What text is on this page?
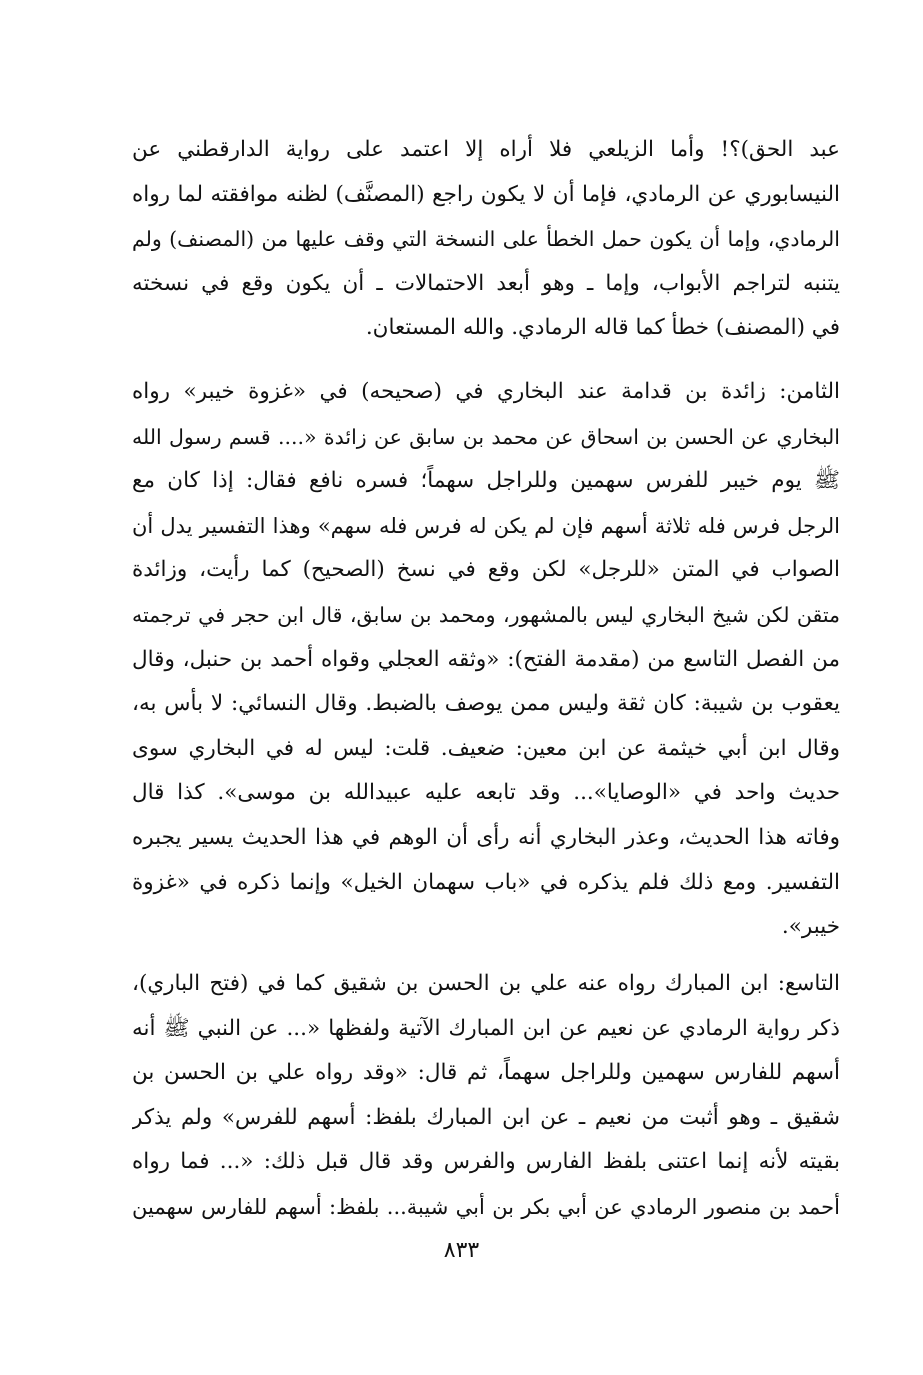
عبد الحق)؟! وأما الزيلعي فلا أراه إلا اعتمد على رواية الدارقطني عن
النيسابوري عن الرمادي، فإما أن لا يكون راجع (المصنَّف) لظنه موافقته لما رواه
الرمادي، وإما أن يكون حمل الخطأ على النسخة التي وقف عليها من (المصنف) ولم
يتنبه لتراجم الأبواب، وإما ـ وهو أبعد الاحتمالات ـ أن يكون وقع في نسخته
في (المصنف) خطأ كما قاله الرمادي. والله المستعان.
الثامن: زائدة بن قدامة عند البخاري في (صحيحه) في «غزوة خيبر» رواه
البخاري عن الحسن بن اسحاق عن محمد بن سابق عن زائدة «.... قسم رسول الله
ﷺ يوم خيبر للفرس سهمين وللراجل سهماً؛ فسره نافع فقال: إذا كان مع
الرجل فرس فله ثلاثة أسهم فإن لم يكن له فرس فله سهم» وهذا التفسير يدل أن
الصواب في المتن «للرجل» لكن وقع في نسخ (الصحيح) كما رأيت، وزائدة
متقن لكن شيخ البخاري ليس بالمشهور، ومحمد بن سابق، قال ابن حجر في ترجمته
من الفصل التاسع من (مقدمة الفتح): «وثقه العجلي وقواه أحمد بن حنبل، وقال
يعقوب بن شيبة: كان ثقة وليس ممن يوصف بالضبط. وقال النسائي: لا بأس به،
وقال ابن أبي خيثمة عن ابن معين: ضعيف. قلت: ليس له في البخاري سوى
حديث واحد في «الوصايا»... وقد تابعه عليه عبيدالله بن موسى». كذا قال
وفاته هذا الحديث، وعذر البخاري أنه رأى أن الوهم في هذا الحديث يسير يجبره
التفسير. ومع ذلك فلم يذكره في «باب سهمان الخيل» وإنما ذكره في «غزوة
خيبر».
التاسع: ابن المبارك رواه عنه علي بن الحسن بن شقيق كما في (فتح الباري)،
ذكر رواية الرمادي عن نعيم عن ابن المبارك الآتية ولفظها «... عن النبي ﷺ أنه
أسهم للفارس سهمين وللراجل سهماً، ثم قال: «وقد رواه علي بن الحسن بن
شقيق ـ وهو أثبت من نعيم ـ عن ابن المبارك بلفظ: أسهم للفرس» ولم يذكر
بقيته لأنه إنما اعتنى بلفظ الفارس والفرس وقد قال قبل ذلك: «... فما رواه
أحمد بن منصور الرمادي عن أبي بكر بن أبي شيبة... بلفظ: أسهم للفارس سهمين
٨٣٣
